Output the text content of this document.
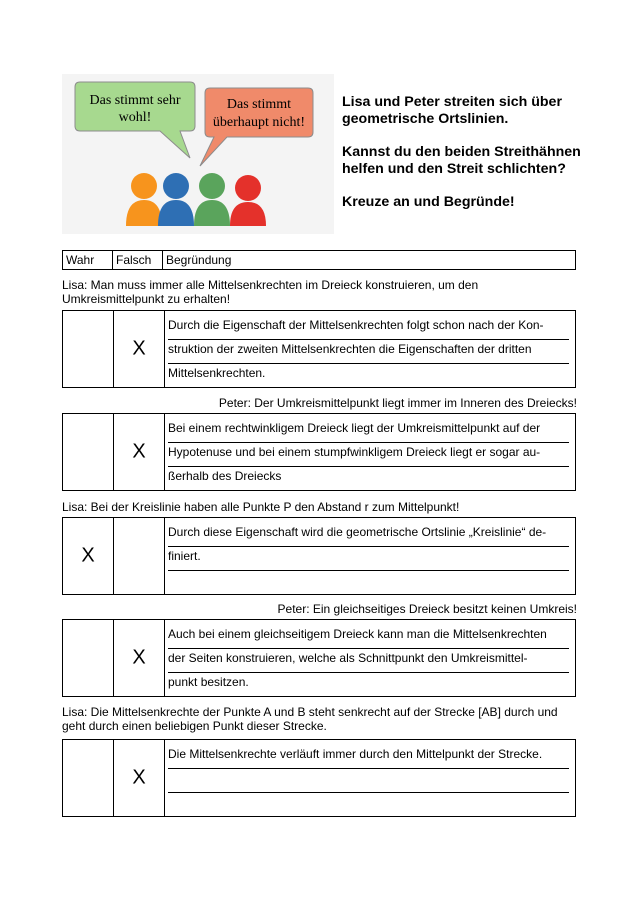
Das stimmt sehr
wohl!
Das stimmt
überhaupt nicht!

Lisa und Peter streiten sich über geometrische Ortslinien.

Kannst du den beiden Streithähnen helfen und den Streit schlichten?

Kreuze an und Begründe!

Wahr	Falsch	Begründung
Lisa: Man muss immer alle Mittelsenkrechten im Dreieck konstruieren, um den Umkreismittelpunkt zu erhalten!
X
Durch die Eigenschaft der Mittelsenkrechten folgt schon nach der Kon-
struktion der zweiten Mittelsenkrechten die Eigenschaften der dritten
Mittelsenkrechten.
Peter: Der Umkreismittelpunkt liegt immer im Inneren des Dreiecks!
X
Bei einem rechtwinkligem Dreieck liegt der Umkreismittelpunkt auf der
Hypotenuse und bei einem stumpfwinkligem Dreieck liegt er sogar au-
ßerhalb des Dreiecks
Lisa: Bei der Kreislinie haben alle Punkte P den Abstand r zum Mittelpunkt!
X
Durch diese Eigenschaft wird die geometrische Ortslinie „Kreislinie“ de-
finiert.
Peter: Ein gleichseitiges Dreieck besitzt keinen Umkreis!
X
Auch bei einem gleichseitigem Dreieck kann man die Mittelsenkrechten
der Seiten konstruieren, welche als Schnittpunkt den Umkreismittel-
punkt besitzen.
Lisa: Die Mittelsenkrechte der Punkte A und B steht senkrecht auf der Strecke [AB] durch und geht durch einen beliebigen Punkt dieser Strecke.
X
Die Mittelsenkrechte verläuft immer durch den Mittelpunkt der Strecke.
